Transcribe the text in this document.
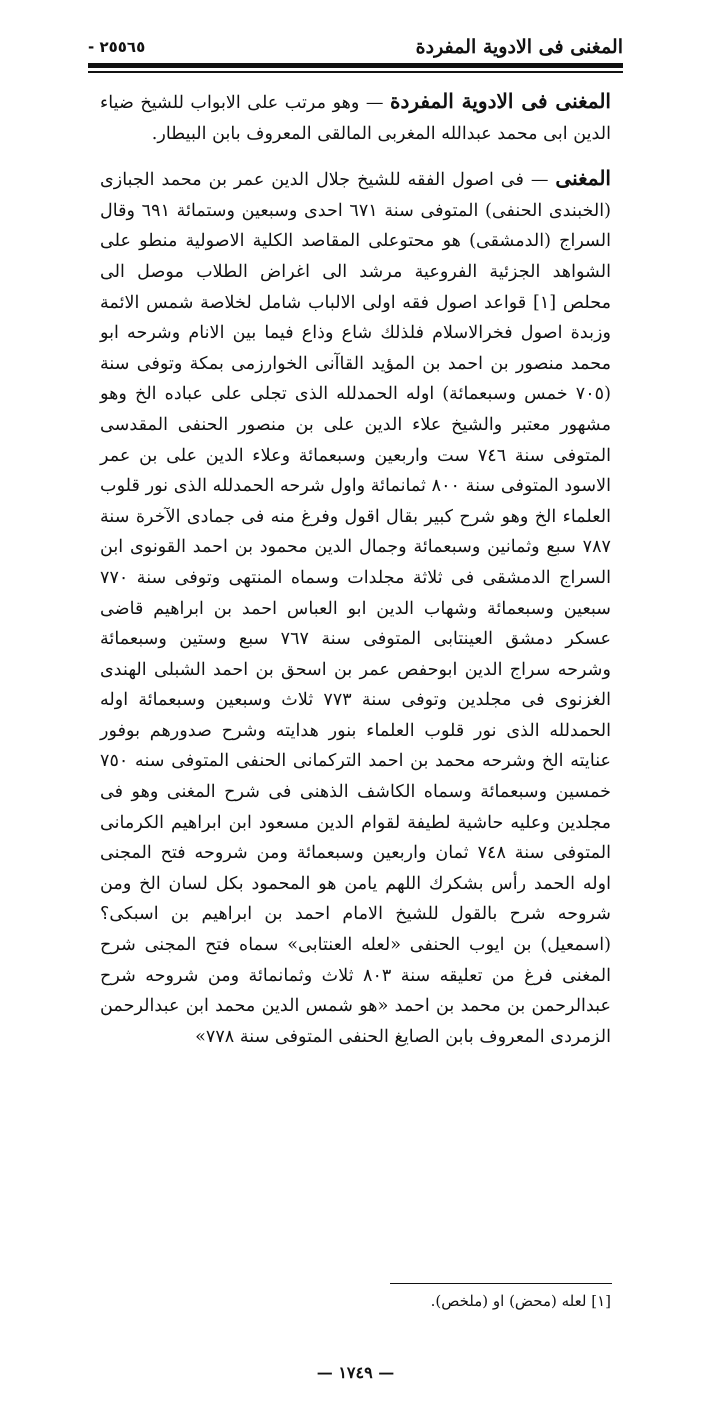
المغنى فى الادوية المفردة
- ٢٥٥٦٥

المغنى فى الادوية المفردة — وهو مرتب على الابواب للشيخ ضياء الدين ابى محمد عبدالله المغربى المالقى المعروف بابن البيطار.

المغنى — فى اصول الفقه للشيخ جلال الدين عمر بن محمد الجبازى (الخبندى الحنفى) المتوفى سنة ٦٧١ احدى وسبعين وستمائة ٦٩١ وقال السراج (الدمشقى) هو محتوعلى المقاصد الكلية الاصولية منطو على الشواهد الجزئية الفروعية مرشد الى اغراض الطلاب موصل الى محلص [١] قواعد اصول فقه اولى الالباب شامل لخلاصة شمس الائمة وزبدة اصول فخرالاسلام فلذلك شاع وذاع فيما بين الانام وشرحه ابو محمد منصور بن احمد بن المؤيد القاآنى الخوارزمى بمكة وتوفى سنة (٧٠٥ خمس وسبعمائة) اوله الحمدلله الذى تجلى على عباده الخ وهو مشهور معتبر والشيخ علاء الدين على بن منصور الحنفى المقدسى المتوفى سنة ٧٤٦ ست واربعين وسبعمائة وعلاء الدين على بن عمر الاسود المتوفى سنة ٨٠٠ ثمانمائة واول شرحه الحمدلله الذى نور قلوب العلماء الخ وهو شرح كبير بقال اقول وفرغ منه فى جمادى الآخرة سنة ٧٨٧ سبع وثمانين وسبعمائة وجمال الدين محمود بن احمد القونوى ابن السراج الدمشقى فى ثلاثة مجلدات وسماه المنتهى وتوفى سنة ٧٧٠ سبعين وسبعمائة وشهاب الدين ابو العباس احمد بن ابراهيم قاضى عسكر دمشق العينتابى المتوفى سنة ٧٦٧ سبع وستين وسبعمائة وشرحه سراج الدين ابوحفص عمر بن اسحق بن احمد الشبلى الهندى الغزنوى فى مجلدين وتوفى سنة ٧٧٣ ثلاث وسبعين وسبعمائة اوله الحمدلله الذى نور قلوب العلماء بنور هدايته وشرح صدورهم بوفور عنايته الخ وشرحه محمد بن احمد التركمانى الحنفى المتوفى سنه ٧٥٠ خمسين وسبعمائة وسماه الكاشف الذهنى فى شرح المغنى وهو فى مجلدين وعليه حاشية لطيفة لقوام الدين مسعود ابن ابراهيم الكرمانى المتوفى سنة ٧٤٨ ثمان واربعين وسبعمائة ومن شروحه فتح المجنى اوله الحمد رأس بشكرك اللهم يامن هو المحمود بكل لسان الخ ومن شروحه شرح بالقول للشيخ الامام احمد بن ابراهيم بن اسبكى؟ (اسمعيل) بن ايوب الحنفى «لعله العنتابى» سماه فتح المجنى شرح المغنى فرغ من تعليقه سنة ٨٠٣ ثلاث وثمانمائة ومن شروحه شرح عبدالرحمن بن محمد بن احمد «هو شمس الدين محمد ابن عبدالرحمن الزمردى المعروف بابن الصايغ الحنفى المتوفى سنة ٧٧٨»

[١] لعله (محض) او (ملخص).
— ١٧٤٩ —
